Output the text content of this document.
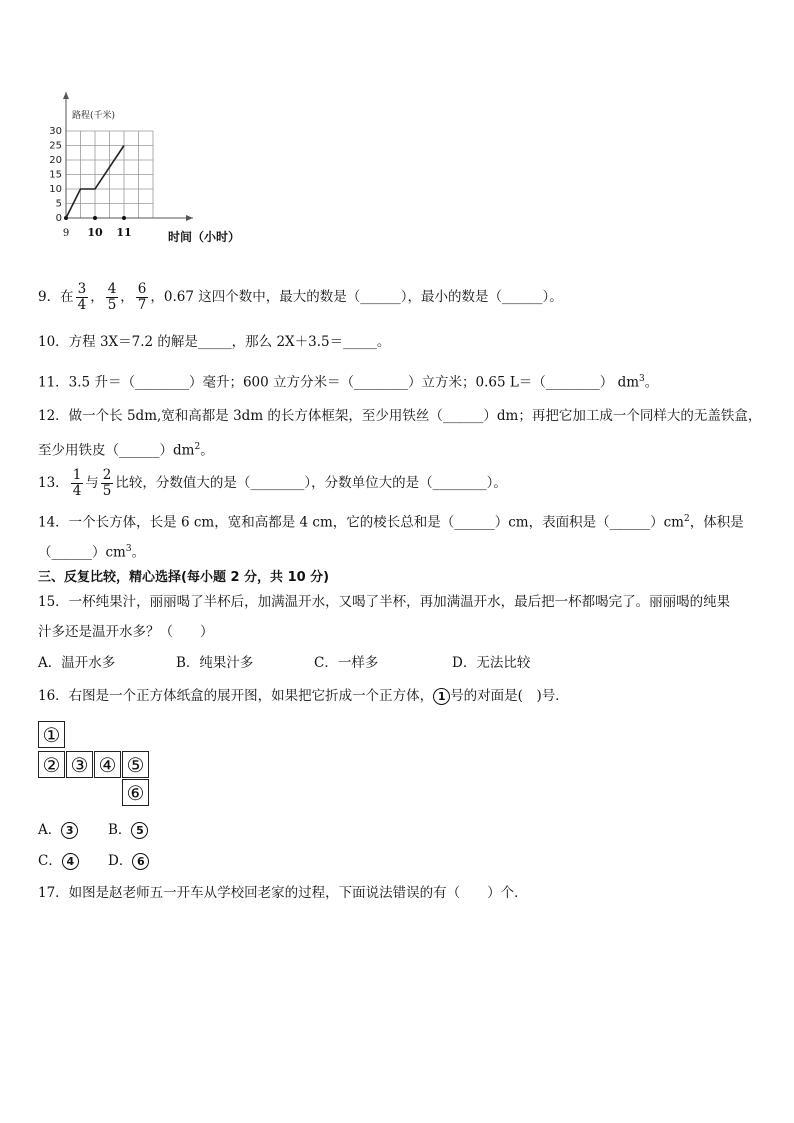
0
5
10
15
20
25
30
9 10 11
路程(千米)
时间（小时）
9．在 $\frac{3}{4}$ ， $\frac{4}{5}$ ， $\frac{6}{7}$ ，0.67 这四个数中，最大的数是（______），最小的数是（______）。
10．方程 3X＝7.2 的解是_____，那么 2X＋3.5＝_____。
11．3.5 升＝（________）毫升；600 立方分米＝（________）立方米；0.65 L＝（________） $dm^3$。
12．做一个长 5dm,宽和高都是 3dm 的长方体框架，至少用铁丝（______）dm；再把它加工成一个同样大的无盖铁盒，
至少用铁皮$(\_\_\_\_\_\_)dm^2$。
13． $\frac{1}{4}$ 与 $\frac{2}{5}$ 比较，分数值大的是（________），分数单位大的是（________）。
14．一个长方体，长是 6 cm，宽和高都是 4 cm，它的棱长总和是（______）cm，表面积是$(\_\_\_\_\_\_)cm^2$，体积是
$(\_\_\_\_\_\_)cm^3$。
三、反复比较，精心选择(每小题 2 分，共 10 分)
15．一杯纯果汁，丽丽喝了半杯后，加满温开水，又喝了半杯，再加满温开水，最后把一杯都喝完了。丽丽喝的纯果
汁多还是温开水多？（　　）
A．温开水多	B．纯果汁多	C．一样多	D．无法比较
16．右图是一个正方体纸盒的展开图，如果把它折成一个正方体， 1 号的对面是(　)号．
①
② ③ ④ ⑤
⑥
A． 3	B． 5
C． 4	D． 6
17．如图是赵老师五一开车从学校回老家的过程，下面说法错误的有（　　）个．
